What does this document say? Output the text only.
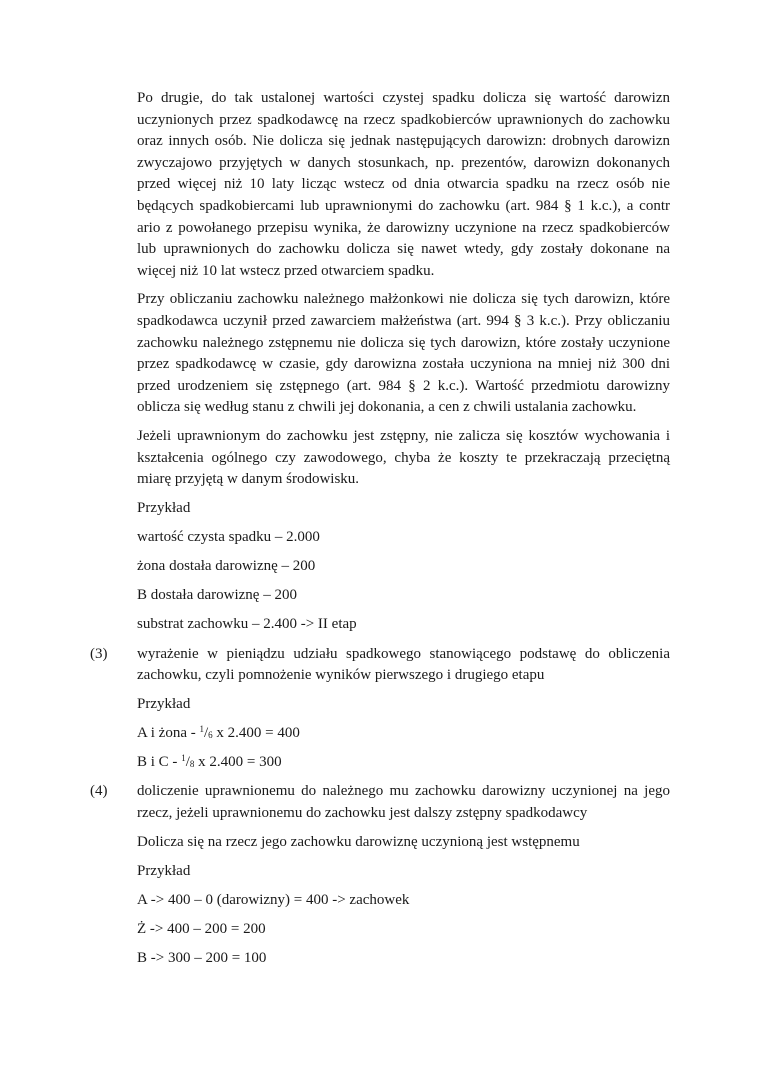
Po drugie, do tak ustalonej wartości czystej spadku dolicza się wartość darowizn uczynionych przez spadkodawcę na rzecz spadkobierców uprawnionych do zachowku oraz innych osób. Nie dolicza się jednak następujących darowizn: drobnych darowizn zwyczajowo przyjętych w danych stosunkach, np. prezentów, darowizn dokonanych przed więcej niż 10 laty licząc wstecz od dnia otwarcia spadku na rzecz osób nie będących spadkobiercami lub uprawnionymi do zachowku (art. 984 § 1 k.c.), a contr ario z powołanego przepisu wynika, że darowizny uczynione na rzecz spadkobierców lub uprawnionych do zachowku dolicza się nawet wtedy, gdy zostały dokonane na więcej niż 10 lat wstecz przed otwarciem spadku.

Przy obliczaniu zachowku należnego małżonkowi nie dolicza się tych darowizn, które spadkodawca uczynił przed zawarciem małżeństwa (art. 994 § 3 k.c.). Przy obliczaniu zachowku należnego zstępnemu nie dolicza się tych darowizn, które zostały uczynione przez spadkodawcę w czasie, gdy darowizna została uczyniona na mniej niż 300 dni przed urodzeniem się zstępnego (art. 984 § 2 k.c.). Wartość przedmiotu darowizny oblicza się według stanu z chwili jej dokonania, a cen z chwili ustalania zachowku.

Jeżeli uprawnionym do zachowku jest zstępny, nie zalicza się kosztów wychowania i kształcenia ogólnego czy zawodowego, chyba że koszty te przekraczają przeciętną miarę przyjętą w danym środowisku.

Przykład
wartość czysta spadku – 2.000
żona dostała darowiznę – 200
B dostała darowiznę – 200
substrat zachowku – 2.400 -> II etap
(3) wyrażenie w pieniądzu udziału spadkowego stanowiącego podstawę do obliczenia zachowku, czyli pomnożenie wyników pierwszego i drugiego etapu

Przykład
A i żona - $^1/_6$ x 2.400 = 400
B i C - $^1/_8$ x 2.400 = 300
(4) doliczenie uprawnionemu do należnego mu zachowku darowizny uczynionej na jego rzecz, jeżeli uprawnionemu do zachowku jest dalszy zstępny spadkodawcy

Dolicza się na rzecz jego zachowku darowiznę uczynioną jest wstępnemu
Przykład
A -> 400 – 0 (darowizny) = 400 -> zachowek
Ż -> 400 – 200 = 200
B -> 300 – 200 = 100
